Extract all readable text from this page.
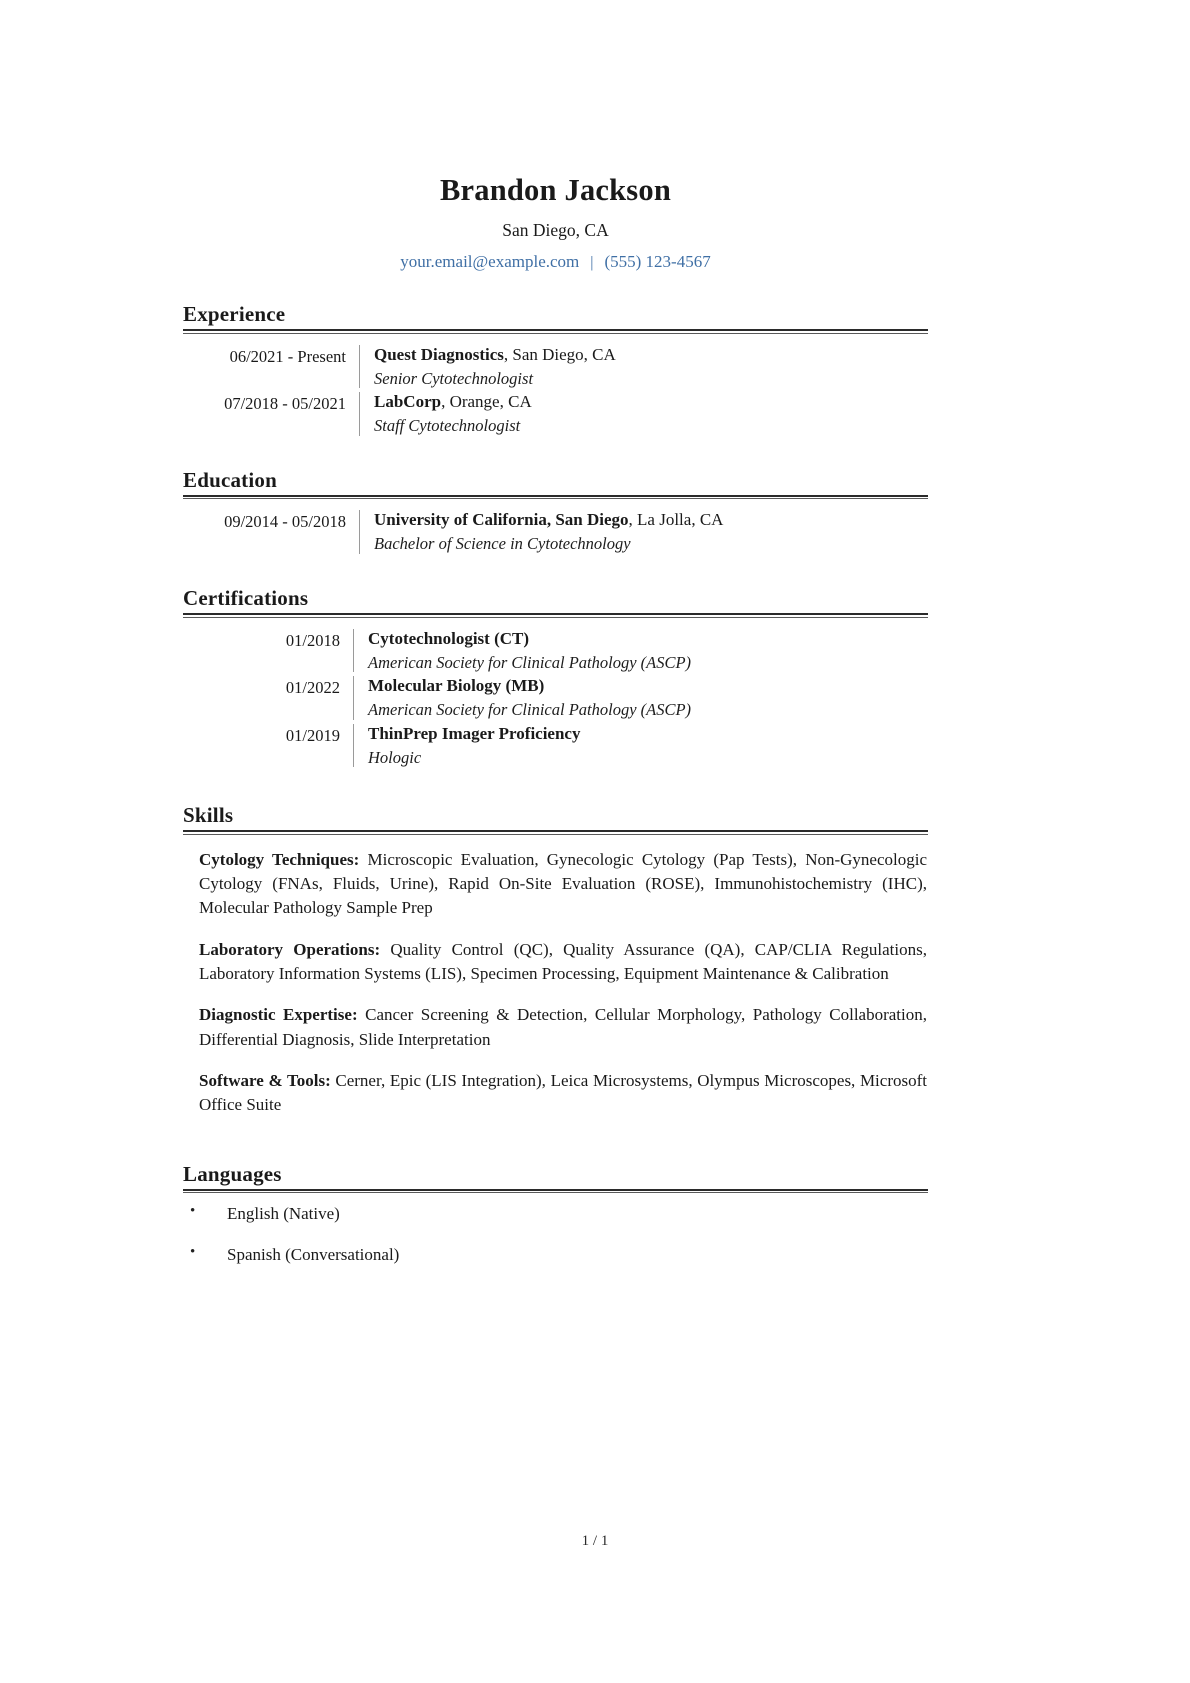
Brandon Jackson
San Diego, CA
your.email@example.com | (555) 123-4567
Experience
06/2021 - Present	Quest Diagnostics, San Diego, CA
Senior Cytotechnologist
07/2018 - 05/2021	LabCorp, Orange, CA
Staff Cytotechnologist
Education
09/2014 - 05/2018	University of California, San Diego, La Jolla, CA
Bachelor of Science in Cytotechnology
Certifications
01/2018	Cytotechnologist (CT)
American Society for Clinical Pathology (ASCP)
01/2022	Molecular Biology (MB)
American Society for Clinical Pathology (ASCP)
01/2019	ThinPrep Imager Proficiency
Hologic
Skills

Cytology Techniques: Microscopic Evaluation, Gynecologic Cytology (Pap Tests), Non-Gynecologic Cytology (FNAs, Fluids, Urine), Rapid On-Site Evaluation (ROSE), Immunohistochemistry (IHC), Molecular Pathology Sample Prep

Laboratory Operations: Quality Control (QC), Quality Assurance (QA), CAP/CLIA Regulations, Laboratory Information Systems (LIS), Specimen Processing, Equipment Maintenance & Calibration

Diagnostic Expertise: Cancer Screening & Detection, Cellular Morphology, Pathology Collaboration, Differential Diagnosis, Slide Interpretation

Software & Tools: Cerner, Epic (LIS Integration), Leica Microsystems, Olympus Microscopes, Microsoft Office Suite

Languages
• English (Native)
• Spanish (Conversational)
1 / 1
